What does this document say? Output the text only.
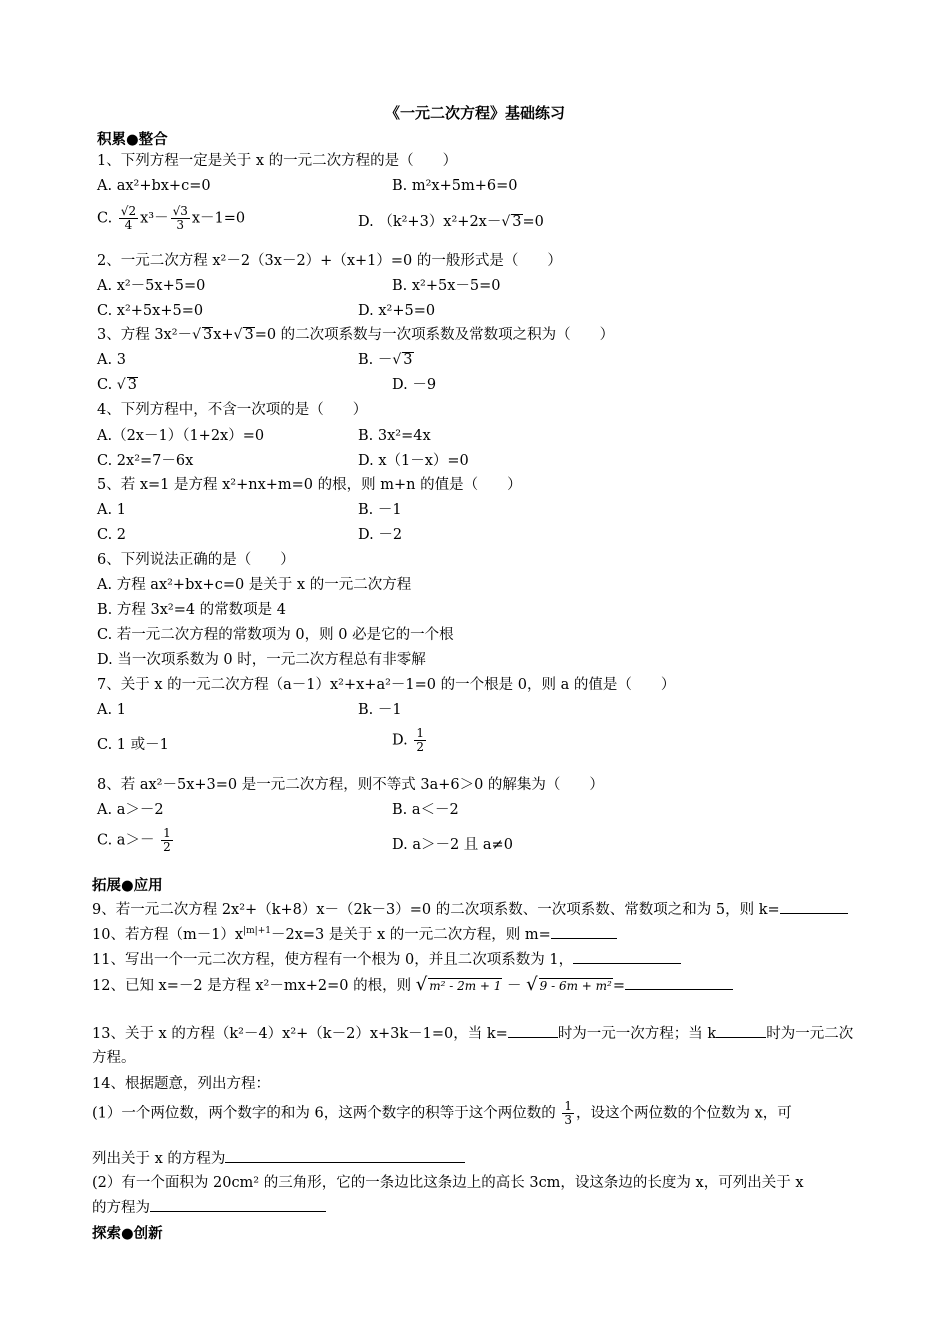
《一元二次方程》基础练习
积累●整合
1、下列方程一定是关于 x 的一元二次方程的是（　　）
A. ax²+bx+c=0	B. m²x+5m+6=0
C. $\frac{√2}{4} x^3- \frac{√3}{3} x-1=0$	D. （k²+3）x²+2x－√ 3=0
2、一元二次方程 x²－2（3x－2）+（x+1）=0 的一般形式是（　　）
A. x²－5x+5=0	B. x²+5x－5=0
C. x²+5x+5=0	D. x²+5=0
3、方程 3x²－√ 3x+√ 3=0 的二次项系数与一次项系数及常数项之积为（　　）
A. 3	B. －√ 3
C. √ 3	D. －9
4、下列方程中，不含一次项的是（　　）
A.（2x－1）（1+2x）=0	B. 3x²=4x
C. 2x²=7－6x	D. x（1－x）=0
5、若 x=1 是方程 x²+nx+m=0 的根，则 m+n 的值是（　　）
A. 1	B. －1
C. 2	D. －2
6、下列说法正确的是（　　）
A. 方程 ax²+bx+c=0 是关于 x 的一元二次方程
B. 方程 3x²=4 的常数项是 4
C. 若一元二次方程的常数项为 0，则 0 必是它的一个根
D. 当一次项系数为 0 时，一元二次方程总有非零解
7、关于 x 的一元二次方程（a－1）x²+x+a²－1=0 的一个根是 0，则 a 的值是（　　）
A. 1	B. －1
C. 1 或－1	D. $\frac{1}{2}$
8、若 ax²－5x+3=0 是一元二次方程，则不等式 3a+6＞0 的解集为（　　）
A. a＞－2	B. a＜－2
C. $a>- \frac{1}{2}$	D. a＞－2 且 a≠0
拓展●应用
9、若一元二次方程 2x²+（k+8）x－（2k－3）=0 的二次项系数、一次项系数、常数项之和为 5，则 k=
10、若方程$(m-1)x^{|m|+1}-2x=3$ 是关于 x 的一元二次方程，则 m=
11、写出一个一元二次方程，使方程有一个根为 0，并且二次项系数为 1，
12、已知 x=－2 是方程 x²－mx+2=0 的根，则 √ m² - 2m + 1 － √ 9 - 6m + m²=
13、关于 x 的方程（k²－4）x²+（k－2）x+3k－1=0，当 k=	时为一元一次方程；当 k	时为一元二次
方程。
14、根据题意，列出方程：
(1）一个两位数，两个数字的和为 6，这两个数字的积等于这个两位数的 $\frac{1}{3}$ ，设这个两位数的个位数为 x，可
列出关于 x 的方程为
(2）有一个面积为 20cm² 的三角形，它的一条边比这条边上的高长 3cm，设这条边的长度为 x，可列出关于 x
的方程为
探索●创新
